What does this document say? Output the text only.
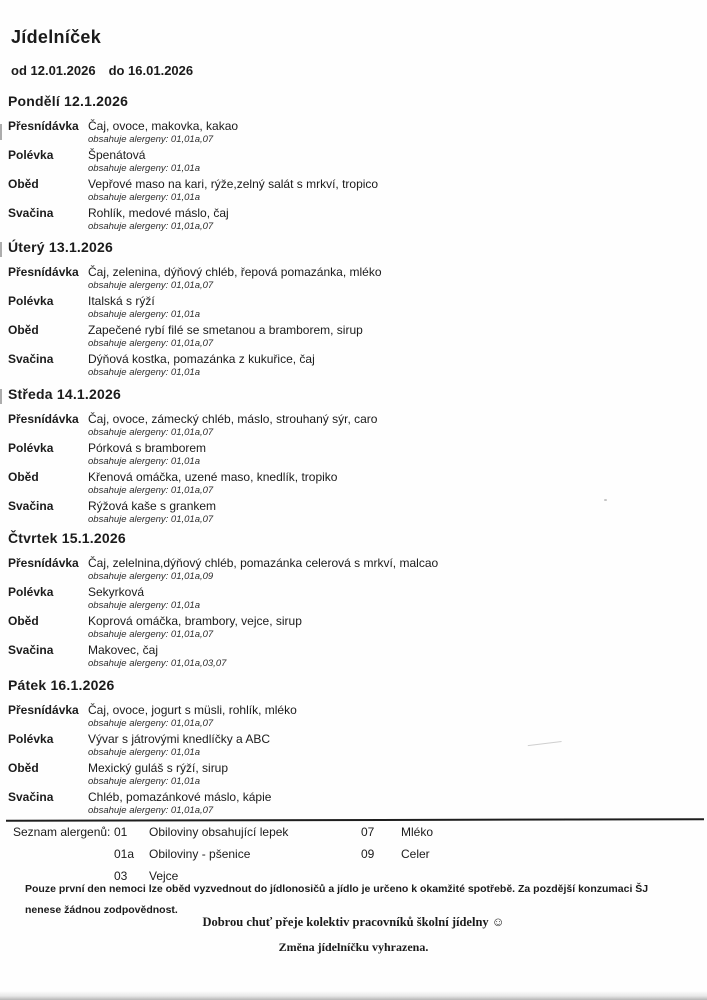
Jídelníček
od 12.01.2026 do 16.01.2026
Pondělí 12.1.2026
Přesnídávka Čaj, ovoce, makovka, kakao
obsahuje alergeny: 01,01a,07
Polévka	Špenátová
obsahuje alergeny: 01,01a
Oběd	Vepřové maso na kari, rýže,zelný salát s mrkví, tropico
obsahuje alergeny: 01,01a
Svačina	Rohlík, medové máslo, čaj
obsahuje alergeny: 01,01a,07
Úterý 13.1.2026
Přesnídávka Čaj, zelenina, dýňový chléb, řepová pomazánka, mléko
obsahuje alergeny: 01,01a,07
Polévka	Italská s rýží
obsahuje alergeny: 01,01a
Oběd	Zapečené rybí filé se smetanou a bramborem, sirup
obsahuje alergeny: 01,01a,07
Svačina	Dýňová kostka, pomazánka z kukuřice, čaj
obsahuje alergeny: 01,01a
Středa 14.1.2026
Přesnídávka Čaj, ovoce, zámecký chléb, máslo, strouhaný sýr, caro
obsahuje alergeny: 01,01a,07
Polévka	Pórková s bramborem
obsahuje alergeny: 01,01a
Oběd	Křenová omáčka, uzené maso, knedlík, tropiko
obsahuje alergeny: 01,01a,07
Svačina	Rýžová kaše s grankem
obsahuje alergeny: 01,01a,07
Čtvrtek 15.1.2026
Přesnídávka Čaj, zelelnina,dýňový chléb, pomazánka celerová s mrkví, malcao
obsahuje alergeny: 01,01a,09
Polévka	Sekyrková
obsahuje alergeny: 01,01a
Oběd	Koprová omáčka, brambory, vejce, sirup
obsahuje alergeny: 01,01a,07
Svačina	Makovec, čaj
obsahuje alergeny: 01,01a,03,07
Pátek 16.1.2026
Přesnídávka Čaj, ovoce, jogurt s müsli, rohlík, mléko
obsahuje alergeny: 01,01a,07
Polévka	Vývar s játrovými knedlíčky a ABC
obsahuje alergeny: 01,01a
Oběd	Mexický guláš s rýží, sirup
obsahuje alergeny: 01,01a
Svačina	Chléb, pomazánkové máslo, kápie
obsahuje alergeny: 01,01a,07
Seznam alergenů: 01 Obiloviny obsahující lepek
01a Obiloviny - pšenice
03 Vejce
07 Mléko
09 Celer
Pouze první den nemoci lze oběd vyzvednout do jídlonosičů a jídlo je určeno k okamžité spotřebě. Za pozdější konzumaci ŠJ nenese žádnou zodpovědnost.
Dobrou chuť přeje kolektiv pracovníků školní jídelny ☺
Změna jídelníčku vyhrazena.
